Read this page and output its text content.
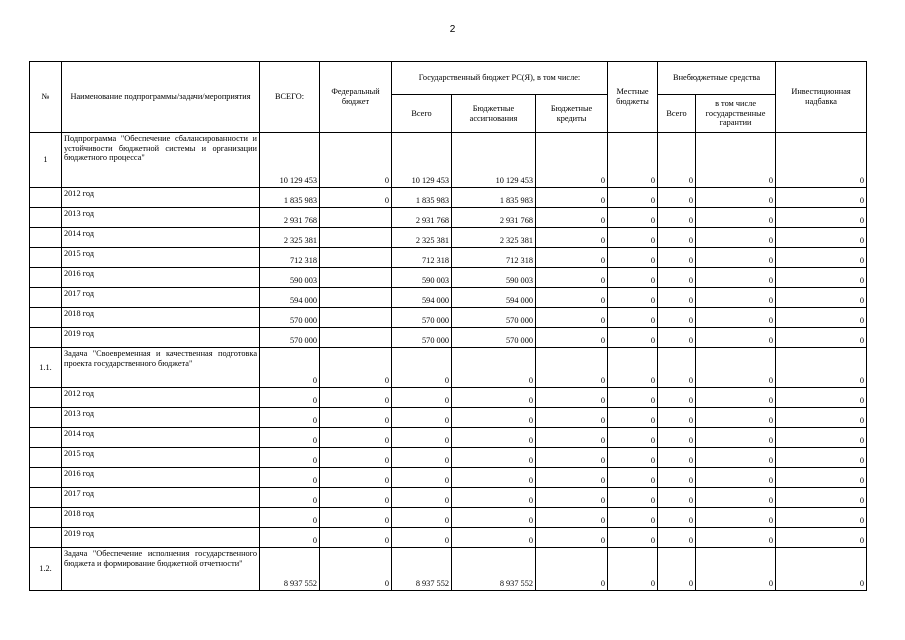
2
№	Наименование подпрограммы/задачи/мероприятия	ВСЕГО:	Федеральный бюджет	Государственный бюджет РС(Я), в том числе:			Местные бюджеты	Внебюджетные средства		Инвестиционная надбавка
				Всего	Бюджетные ассигнования	Бюджетные кредиты		Всего	в том числе государственные гарантии	
1	Подпрограмма "Обеспечение сбалансированности и устойчивости бюджетной системы и организации бюджетного процесса"	10 129 453	0	10 129 453	10 129 453	0	0	0	0	0
	2012 год	1 835 983	0	1 835 983	1 835 983	0	0	0	0	0
	2013 год	2 931 768		2 931 768	2 931 768	0	0	0	0	0
	2014 год	2 325 381		2 325 381	2 325 381	0	0	0	0	0
	2015 год	712 318		712 318	712 318	0	0	0	0	0
	2016 год	590 003		590 003	590 003	0	0	0	0	0
	2017 год	594 000		594 000	594 000	0	0	0	0	0
	2018 год	570 000		570 000	570 000	0	0	0	0	0
	2019 год	570 000		570 000	570 000	0	0	0	0	0
1.1.	Задача "Своевременная и качественная подготовка проекта государственного бюджета"	0	0	0	0	0	0	0	0	0
	2012 год	0	0	0	0	0	0	0	0	0
	2013 год	0	0	0	0	0	0	0	0	0
	2014 год	0	0	0	0	0	0	0	0	0
	2015 год	0	0	0	0	0	0	0	0	0
	2016 год	0	0	0	0	0	0	0	0	0
	2017 год	0	0	0	0	0	0	0	0	0
	2018 год	0	0	0	0	0	0	0	0	0
	2019 год	0	0	0	0	0	0	0	0	0
1.2.	Задача "Обеспечение исполнения государственного бюджета и формирование бюджетной отчетности"	8 937 552	0	8 937 552	8 937 552	0	0	0	0	0
